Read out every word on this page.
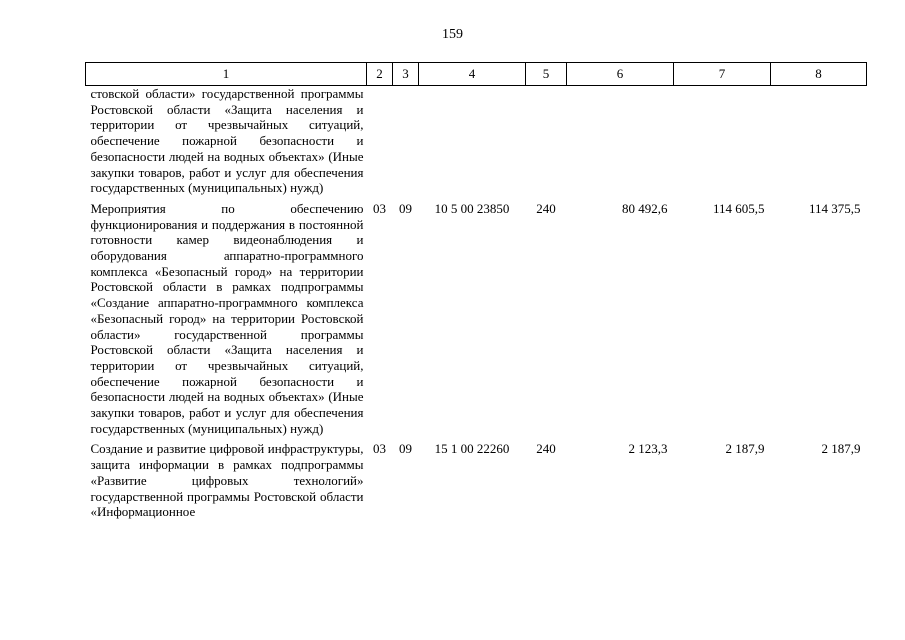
159
1	2	3	4	5	6	7	8
стовской области» государственной программы Ростовской области «Защита населения и территории от чрезвычайных ситуаций, обеспечение пожарной безопасности и безопасности людей на водных объектах» (Иные закупки товаров, работ и услуг для обеспечения государственных (муниципальных) нужд)							
Мероприятия по обеспечению функционирования и поддержания в постоянной готовности камер видеонаблюдения и оборудования аппаратно-программного комплекса «Безопасный город» на территории Ростовской области в рамках подпрограммы «Создание аппаратно-программного комплекса «Безопасный город» на территории Ростовской области» государственной программы Ростовской области «Защита населения и территории от чрезвычайных ситуаций, обеспечение пожарной безопасности и безопасности людей на водных объектах» (Иные закупки товаров, работ и услуг для обеспечения государственных (муниципальных) нужд)	03	09	10 5 00 23850	240	80 492,6	114 605,5	114 375,5
Создание и развитие цифровой инфраструктуры, защита информации в рамках подпрограммы «Развитие цифровых технологий» государственной программы Ростовской области «Информационное	03	09	15 1 00 22260	240	2 123,3	2 187,9	2 187,9
